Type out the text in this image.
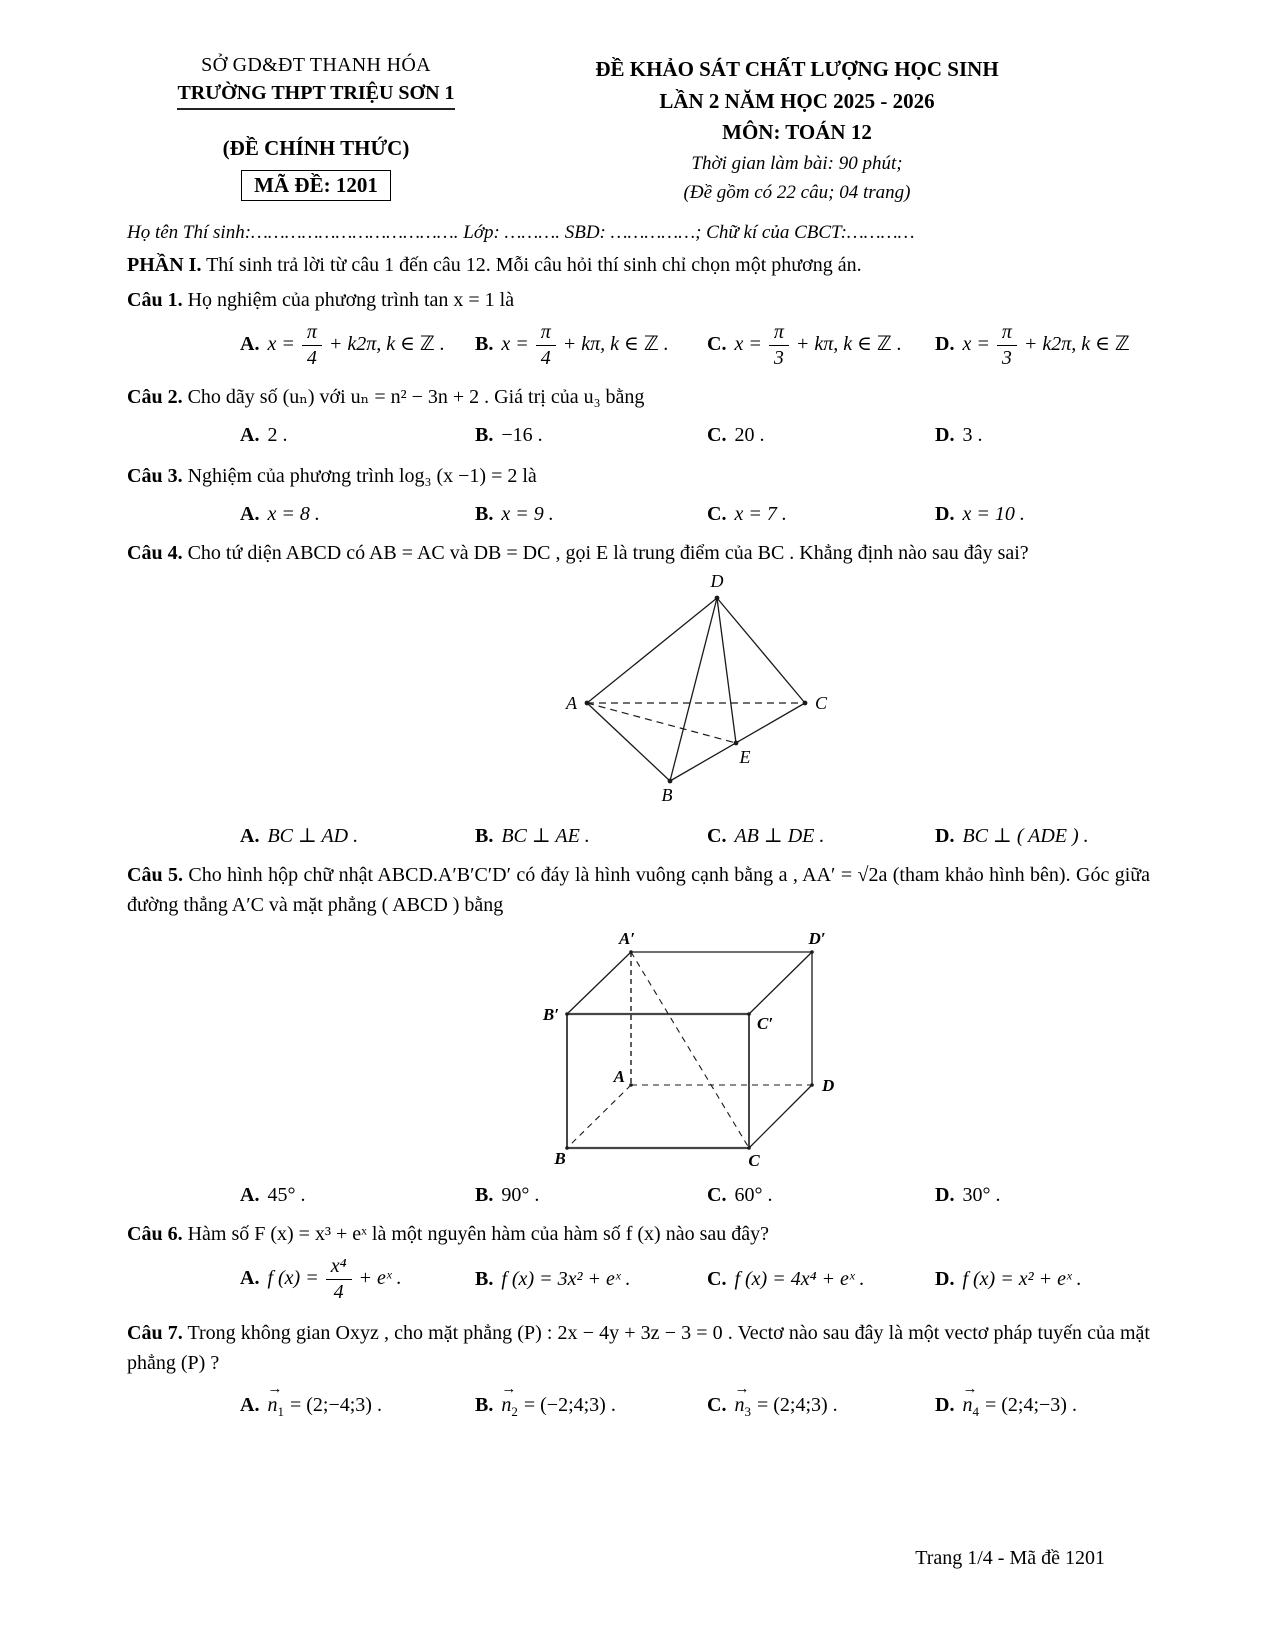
SỞ GD&ĐT THANH HÓA
TRƯỜNG THPT TRIỆU SƠN 1
(ĐỀ CHÍNH THỨC)
MÃ ĐỀ: 1201
ĐỀ KHẢO SÁT CHẤT LƯỢNG HỌC SINH
LẦN 2 NĂM HỌC 2025 - 2026
MÔN: TOÁN 12
Thời gian làm bài: 90 phút;
(Đề gồm có 22 câu; 04 trang)
Họ tên Thí sinh:………………………………. Lớp: ………. SBD: ……………; Chữ kí của CBCT:…………
PHẦN I. Thí sinh trả lời từ câu 1 đến câu 12. Mỗi câu hỏi thí sinh chỉ chọn một phương án.
Câu 1. Họ nghiệm của phương trình tan x = 1 là
A. $x = \frac{\pi}{4} + k2\pi$, k ∈ ℤ .	B. $x = \frac{\pi}{4} + k\pi$, k ∈ ℤ .	C. $x = \frac{\pi}{3} + k\pi$, k ∈ ℤ .	D. $x = \frac{\pi}{3} + k2\pi$, k ∈ ℤ
Câu 2. Cho dãy số (uₙ) với uₙ = n² − 3n + 2 . Giá trị của u₃ bằng
A. 2 .	B. −16 .	C. 20 .	D. 3 .
Câu 3. Nghiệm của phương trình log₃ (x −1) = 2 là
A. x = 8 .	B. x = 9 .	C. x = 7 .	D. x = 10 .
Câu 4. Cho tứ diện ABCD có AB = AC và DB = DC , gọi E là trung điểm của BC . Khẳng định nào sau đây sai?
D
A	C
E
B
A. BC ⊥ AD .	B. BC ⊥ AE .	C. AB ⊥ DE .	D. BC ⊥ ( ADE ) .
Câu 5. Cho hình hộp chữ nhật ABCD.A′B′C′D′ có đáy là hình vuông cạnh bằng a , AA′ = √2a (tham khảo hình bên). Góc giữa đường thẳng A′C và mặt phẳng ( ABCD ) bằng
A′	D′
B′	C′
A	D
B	C
A. 45° .	B. 90° .	C. 60° .	D. 30° .
Câu 6. Hàm số F (x) = x³ + eˣ là một nguyên hàm của hàm số f (x) nào sau đây?
A. f $(x) = \frac{\text{x⁴}}{4}$ + eˣ .	B. f (x) = 3x² + eˣ .	C. f (x) = 4x⁴ + eˣ .	D. f (x) = x² + eˣ .
Câu 7. Trong không gian Oxyz , cho mặt phẳng (P) : 2x − 4y + 3z − 3 = 0 . Vectơ nào sau đây là một vectơ pháp tuyến của mặt phẳng (P) ?
A.
→
$n_1$ = (2;−4;3) .	B.
→
$n_2$ = (−2;4;3) .	C.
→
$n_3$ = (2;4;3) .	D.
→
$n_4$ = (2;4;−3) .
Trang 1/4 - Mã đề 1201
